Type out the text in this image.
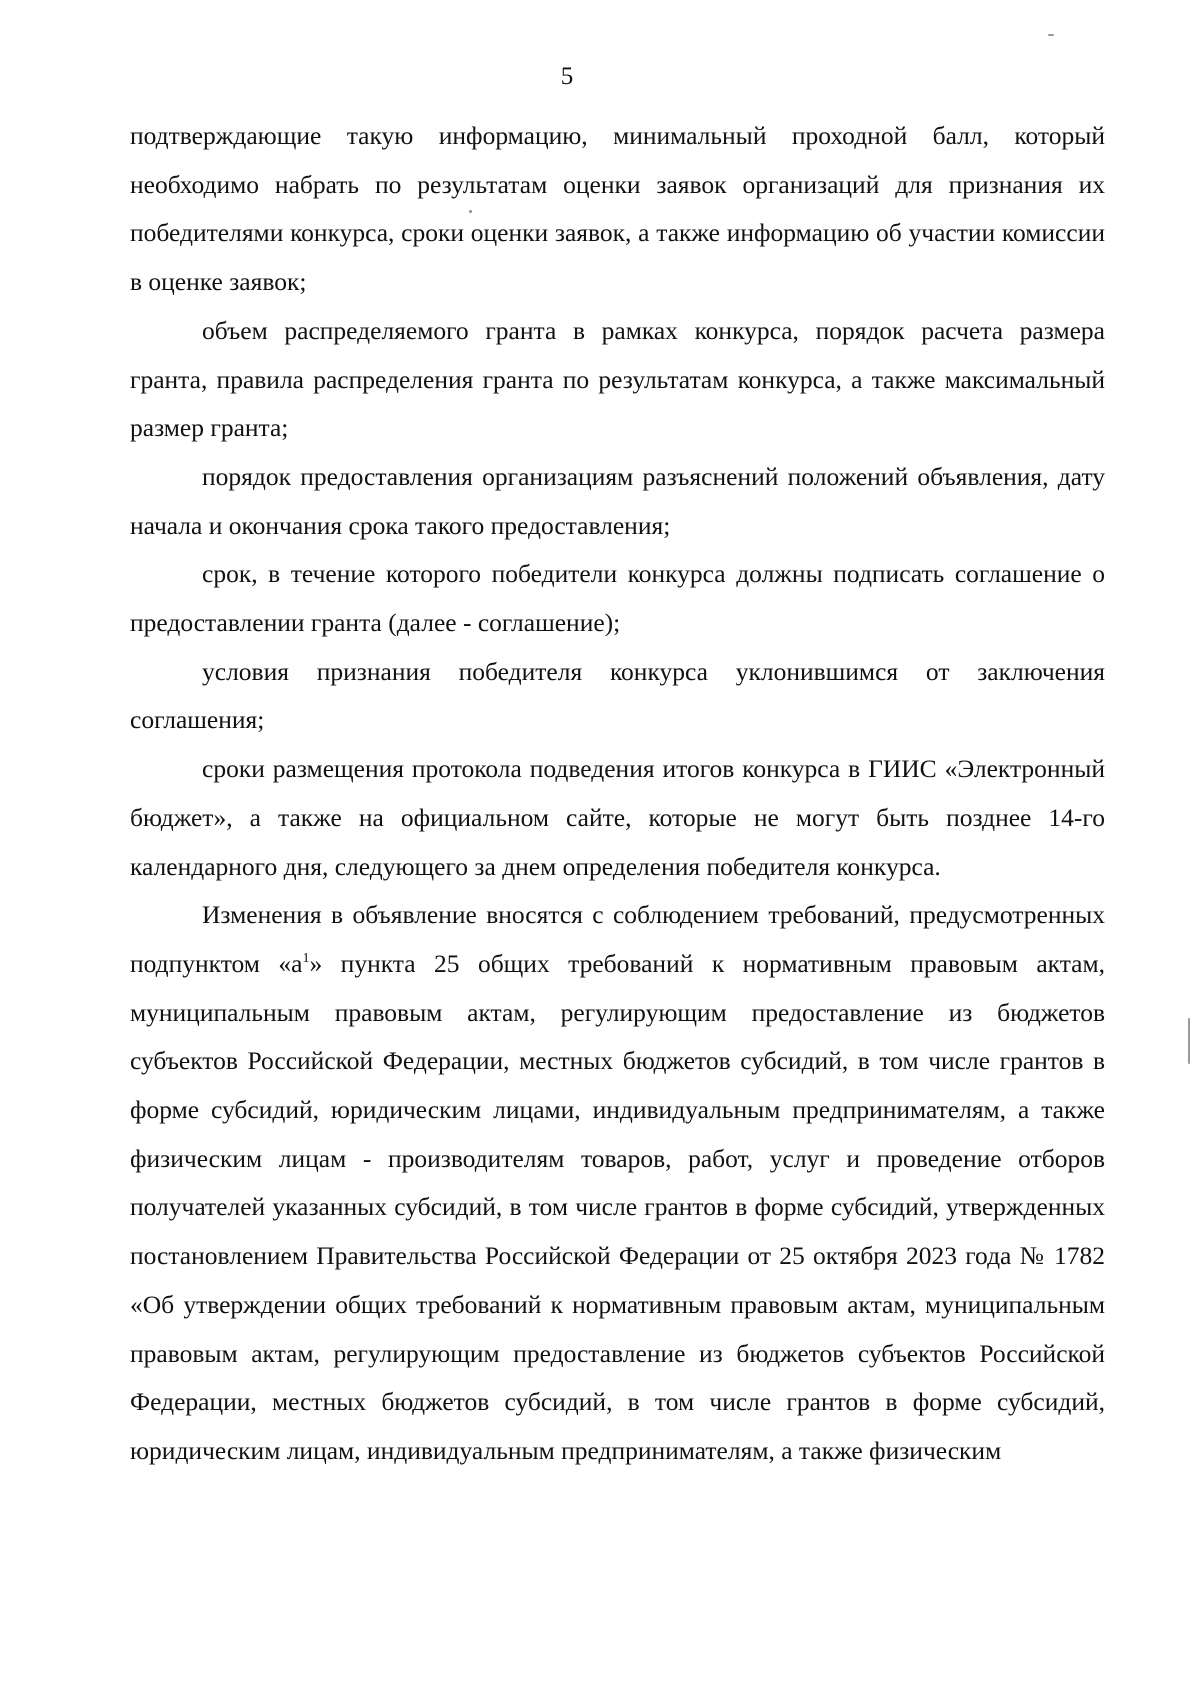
5

подтверждающие такую информацию, минимальный проходной балл, который необходимо набрать по результатам оценки заявок организаций для признания их победителями конкурса, сроки оценки заявок, а также информацию об участии комиссии в оценке заявок;

объем распределяемого гранта в рамках конкурса, порядок расчета размера гранта, правила распределения гранта по результатам конкурса, а также максимальный размер гранта;

порядок предоставления организациям разъяснений положений объявления, дату начала и окончания срока такого предоставления;

срок, в течение которого победители конкурса должны подписать соглашение о предоставлении гранта (далее - соглашение);

условия признания победителя конкурса уклонившимся от заключения соглашения;

сроки размещения протокола подведения итогов конкурса в ГИИС «Электронный бюджет», а также на официальном сайте, которые не могут быть позднее 14-го календарного дня, следующего за днем определения победителя конкурса.

Изменения в объявление вносятся с соблюдением требований, предусмотренных подпунктом «$а^1$» пункта 25 общих требований к нормативным правовым актам, муниципальным правовым актам, регулирующим предоставление из бюджетов субъектов Российской Федерации, местных бюджетов субсидий, в том числе грантов в форме субсидий, юридическим лицами, индивидуальным предпринимателям, а также физическим лицам - производителям товаров, работ, услуг и проведение отборов получателей указанных субсидий, в том числе грантов в форме субсидий, утвержденных постановлением Правительства Российской Федерации от 25 октября 2023 года № 1782 «Об утверждении общих требований к нормативным правовым актам, муниципальным правовым актам, регулирующим предоставление из бюджетов субъектов Российской Федерации, местных бюджетов субсидий, в том числе грантов в форме субсидий, юридическим лицам, индивидуальным предпринимателям, а также физическим
